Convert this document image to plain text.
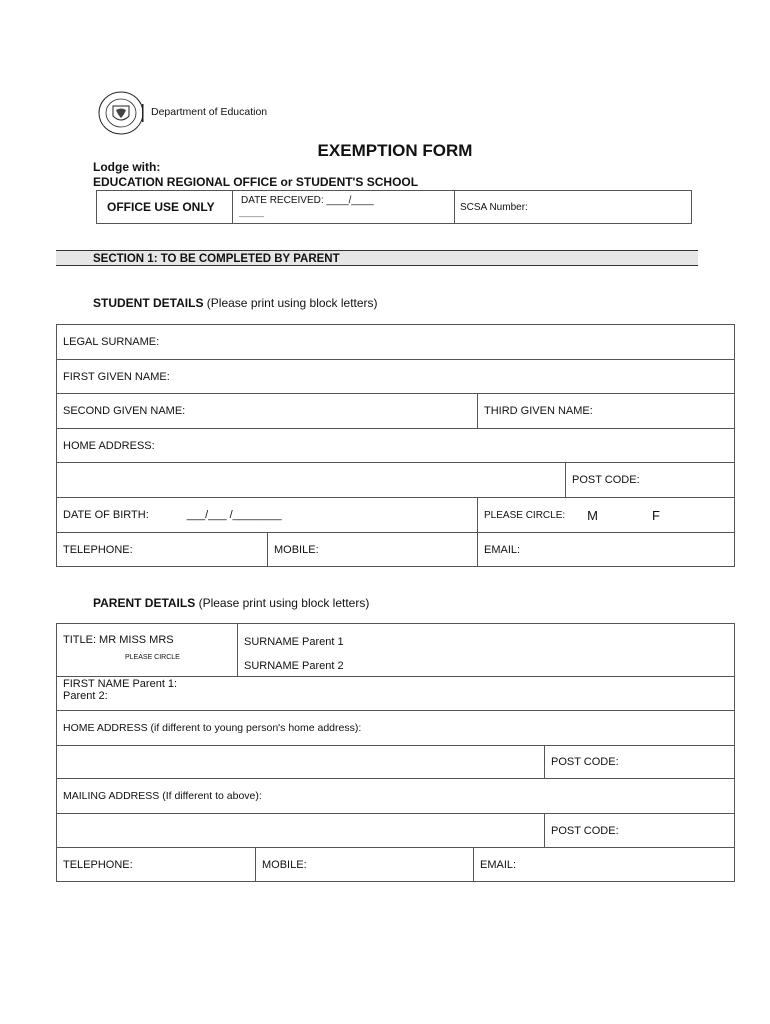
Department of Education
EXEMPTION FORM
Lodge with:
EDUCATION REGIONAL OFFICE or STUDENT'S SCHOOL
OFFICE USE ONLY	DATE RECEIVED: ____/____
_____	SCSA Number:
SECTION 1: TO BE COMPLETED BY PARENT
STUDENT DETAILS (Please print using block letters)
LEGAL SURNAME:
FIRST GIVEN NAME:
SECOND GIVEN NAME:	THIRD GIVEN NAME:
HOME ADDRESS:
POST CODE:
DATE OF BIRTH:	___/___ /________	PLEASE CIRCLE: M	F
TELEPHONE:	MOBILE:	EMAIL:
PARENT DETAILS (Please print using block letters)
TITLE: MR MISS MRS
PLEASE CIRCLE
SURNAME Parent 1
SURNAME Parent 2
FIRST NAME Parent 1:
Parent 2:
HOME ADDRESS (if different to young person's home address):
POST CODE:
MAILING ADDRESS (If different to above):
POST CODE:
TELEPHONE:	MOBILE:	EMAIL:
